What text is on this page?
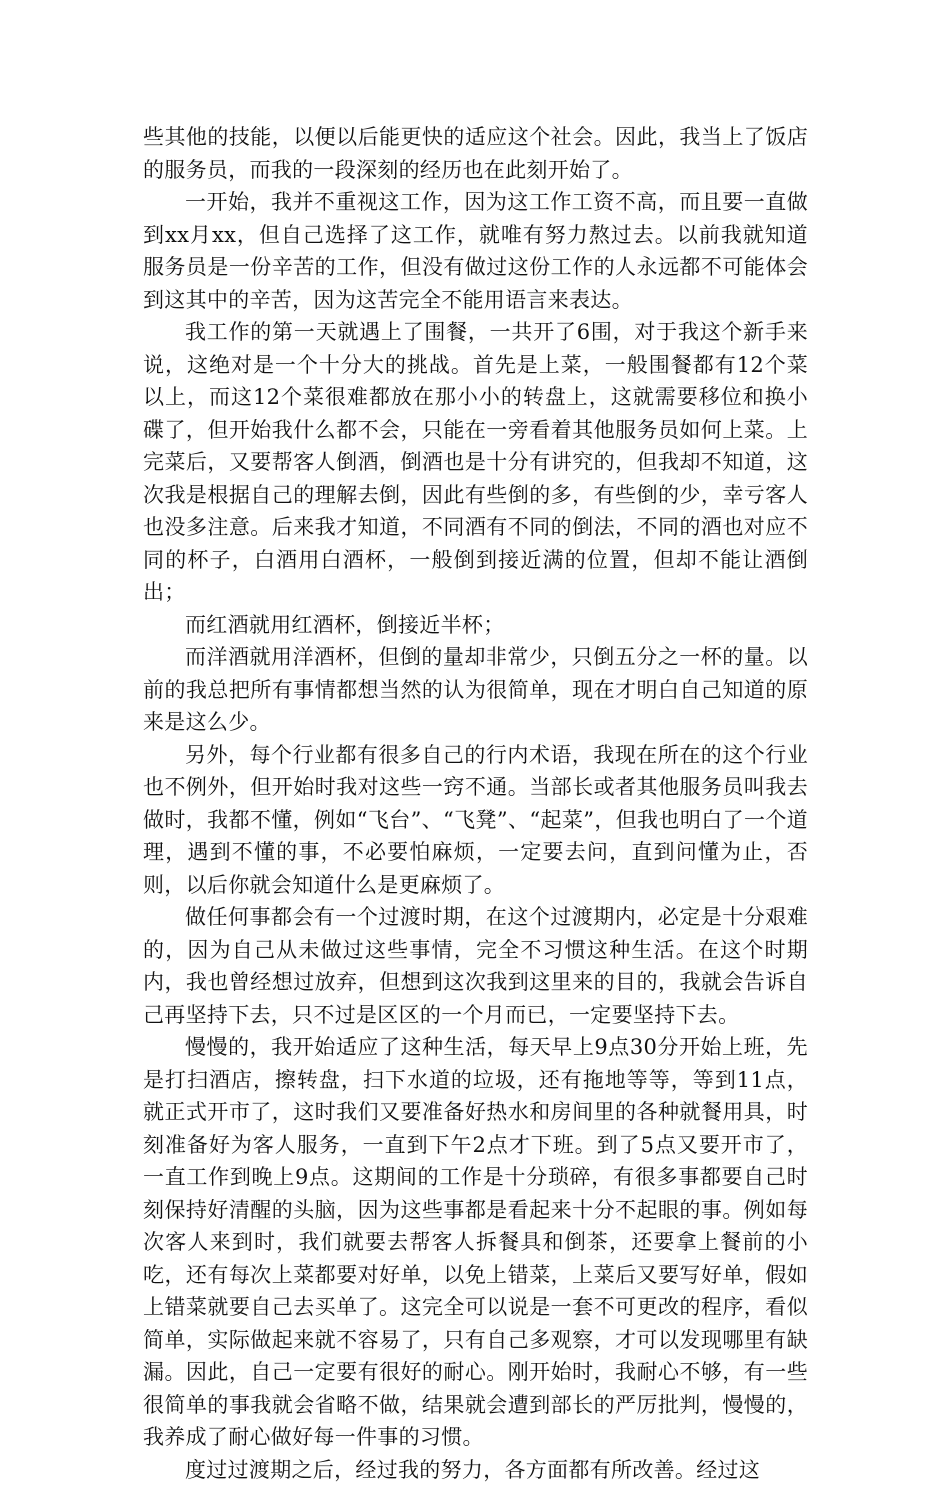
些其他的技能，以便以后能更快的适应这个社会。因此，我当上了饭店的服务员，而我的一段深刻的经历也在此刻开始了。

一开始，我并不重视这工作，因为这工作工资不高，而且要一直做到xx月xx，但自己选择了这工作，就唯有努力熬过去。以前我就知道服务员是一份辛苦的工作，但没有做过这份工作的人永远都不可能体会到这其中的辛苦，因为这苦完全不能用语言来表达。

我工作的第一天就遇上了围餐，一共开了6围，对于我这个新手来说，这绝对是一个十分大的挑战。首先是上菜，一般围餐都有12个菜以上，而这12个菜很难都放在那小小的转盘上，这就需要移位和换小碟了，但开始我什么都不会，只能在一旁看着其他服务员如何上菜。上完菜后，又要帮客人倒酒，倒酒也是十分有讲究的，但我却不知道，这次我是根据自己的理解去倒，因此有些倒的多，有些倒的少，幸亏客人也没多注意。后来我才知道，不同酒有不同的倒法，不同的酒也对应不同的杯子，白酒用白酒杯，一般倒到接近满的位置，但却不能让酒倒出；

而红酒就用红酒杯，倒接近半杯；

而洋酒就用洋酒杯，但倒的量却非常少，只倒五分之一杯的量。以前的我总把所有事情都想当然的认为很简单，现在才明白自己知道的原来是这么少。

另外，每个行业都有很多自己的行内术语，我现在所在的这个行业也不例外，但开始时我对这些一窍不通。当部长或者其他服务员叫我去做时，我都不懂，例如“飞台”、“飞凳”、“起菜”，但我也明白了一个道理，遇到不懂的事，不必要怕麻烦，一定要去问，直到问懂为止，否则，以后你就会知道什么是更麻烦了。

做任何事都会有一个过渡时期，在这个过渡期内，必定是十分艰难的，因为自己从未做过这些事情，完全不习惯这种生活。在这个时期内，我也曾经想过放弃，但想到这次我到这里来的目的，我就会告诉自己再坚持下去，只不过是区区的一个月而已，一定要坚持下去。

慢慢的，我开始适应了这种生活，每天早上9点30分开始上班，先是打扫酒店，擦转盘，扫下水道的垃圾，还有拖地等等，等到11点，就正式开市了，这时我们又要准备好热水和房间里的各种就餐用具，时刻准备好为客人服务，一直到下午2点才下班。到了5点又要开市了，一直工作到晚上9点。这期间的工作是十分琐碎，有很多事都要自己时刻保持好清醒的头脑，因为这些事都是看起来十分不起眼的事。例如每次客人来到时，我们就要去帮客人拆餐具和倒茶，还要拿上餐前的小吃，还有每次上菜都要对好单，以免上错菜，上菜后又要写好单，假如上错菜就要自己去买单了。这完全可以说是一套不可更改的程序，看似简单，实际做起来就不容易了，只有自己多观察，才可以发现哪里有缺漏。因此，自己一定要有很好的耐心。刚开始时，我耐心不够，有一些很简单的事我就会省略不做，结果就会遭到部长的严厉批判，慢慢的，我养成了耐心做好每一件事的习惯。

度过过渡期之后，经过我的努力，各方面都有所改善。经过这
